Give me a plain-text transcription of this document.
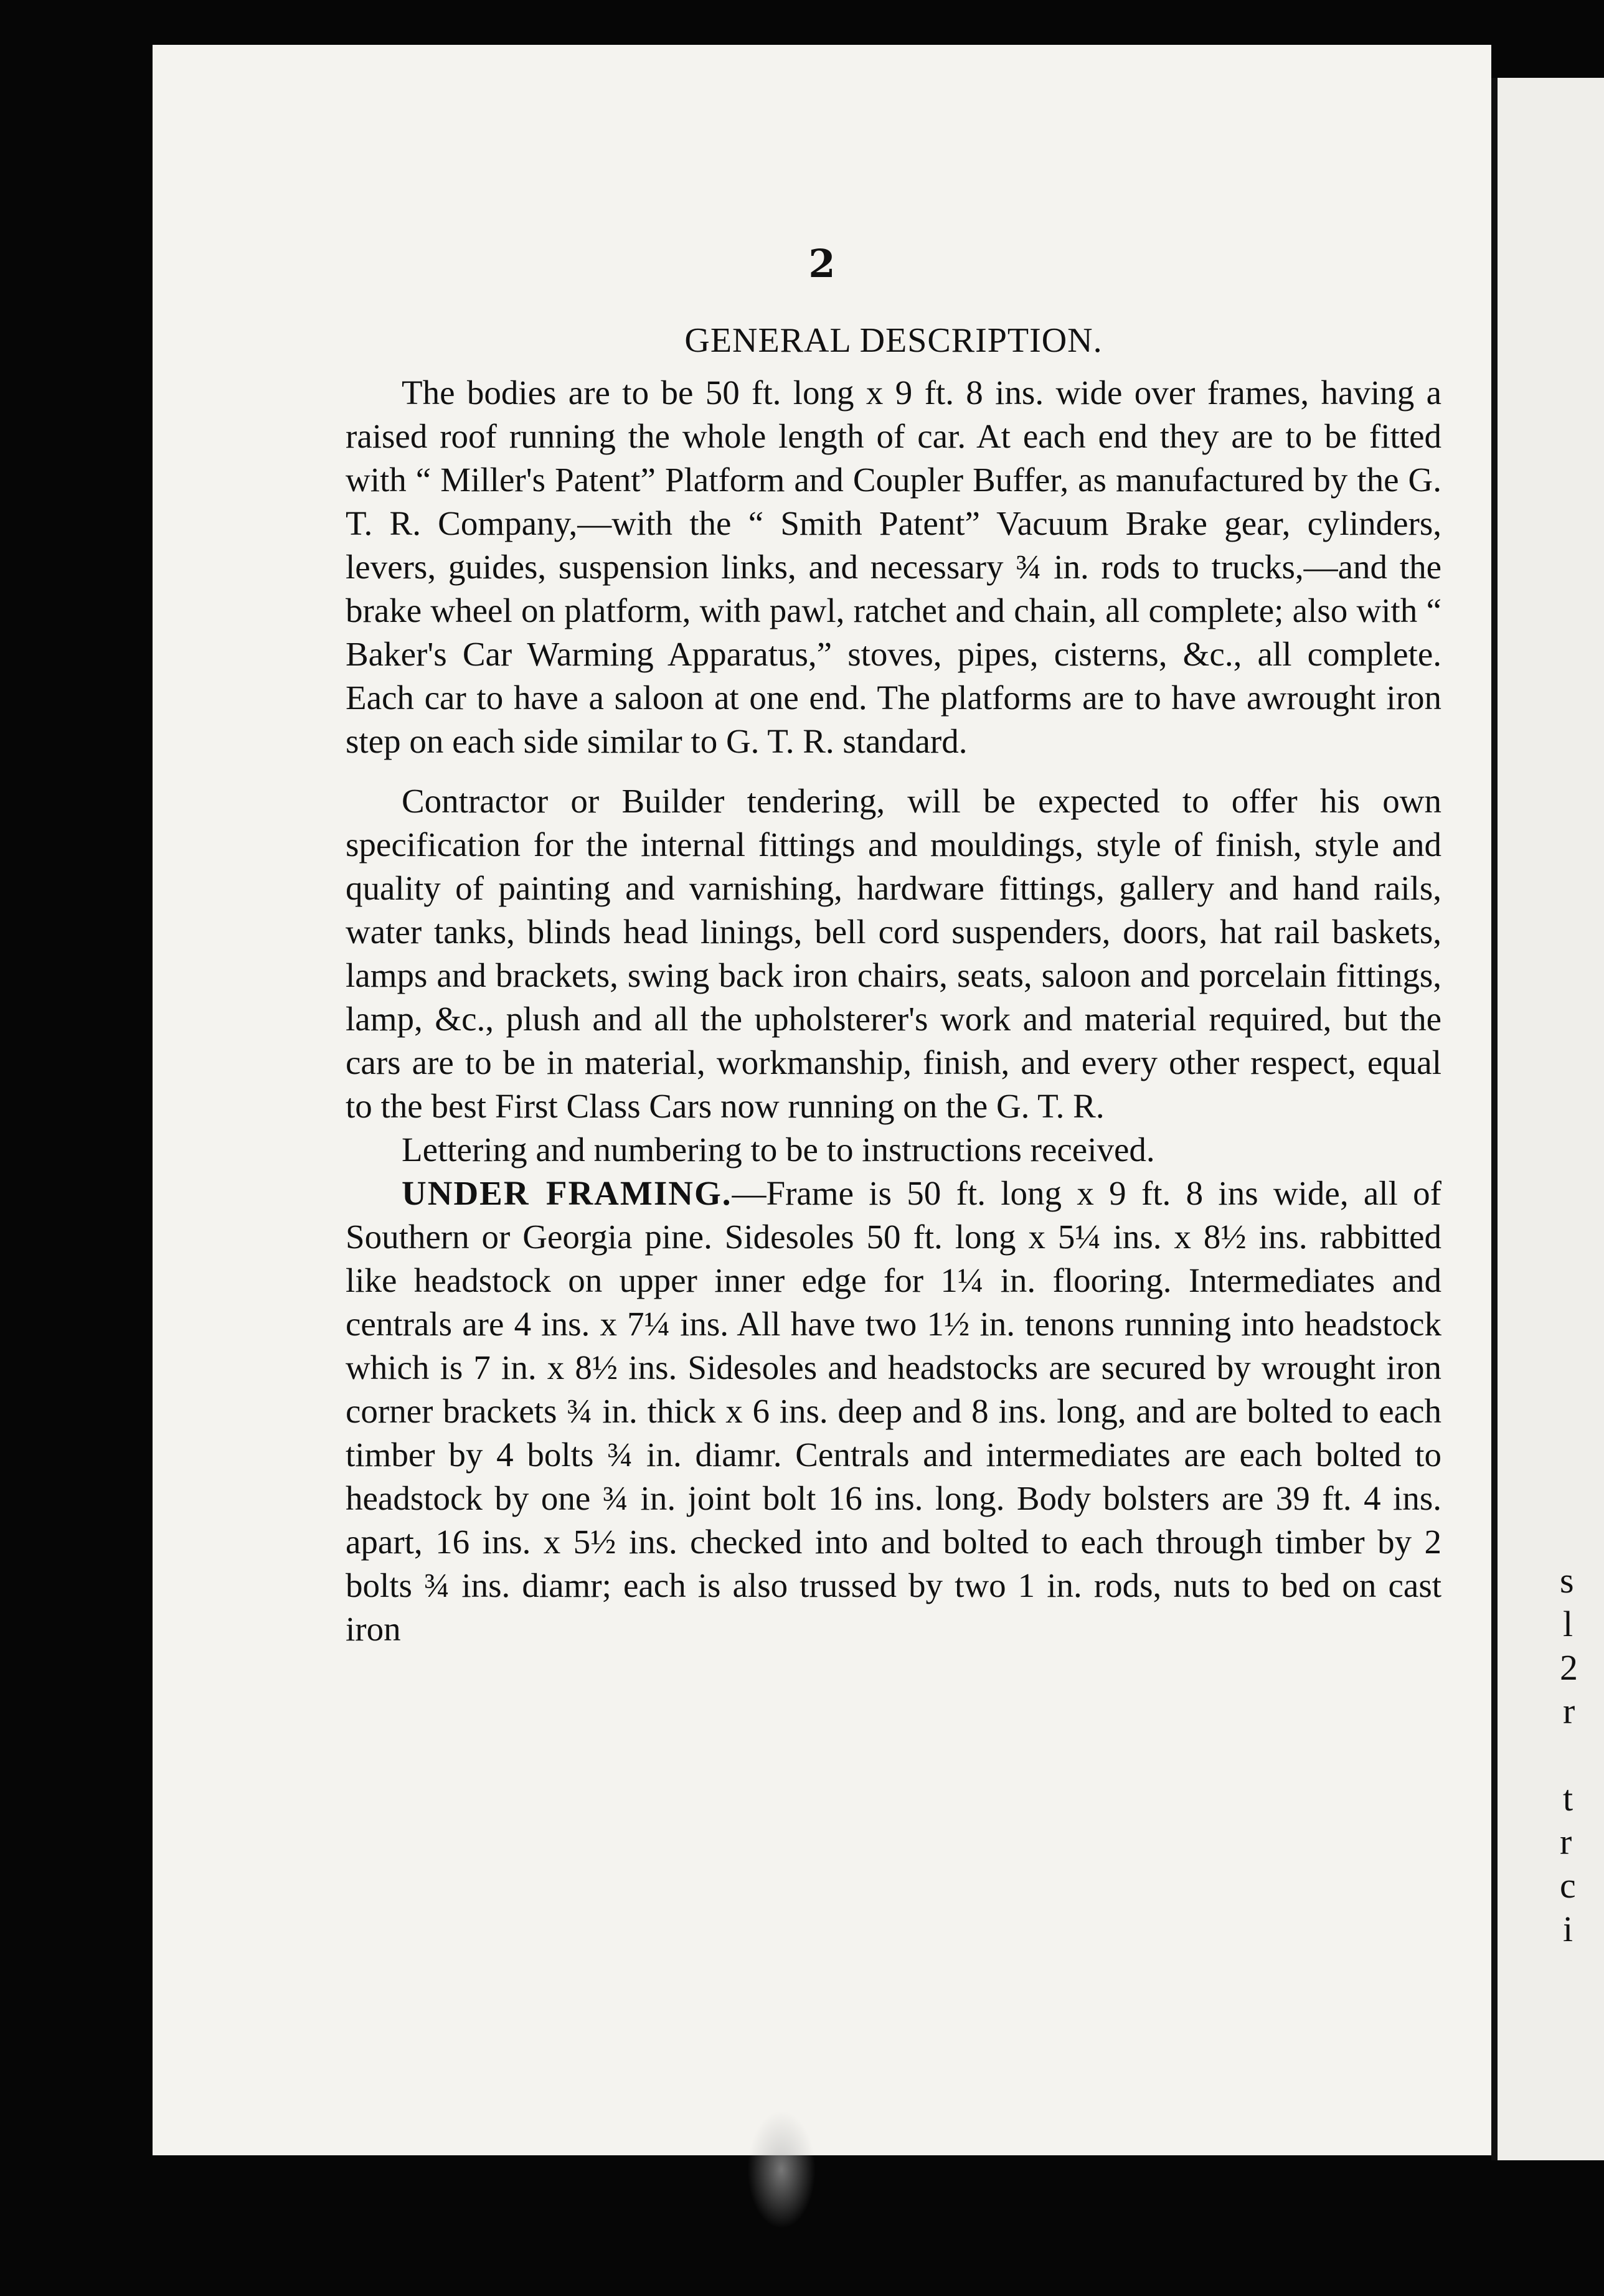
2

GENERAL DESCRIPTION.

The bodies are to be 50 ft. long x 9 ft. 8 ins. wide over frames, having a raised roof running the whole length of car. At each end they are to be fitted with “ Miller's Patent” Platform and Coupler Buffer, as manufactured by the G. T. R. Company,—with the “ Smith Patent” Vacuum Brake gear, cylinders, levers, guides, suspension links, and necessary ¾ in. rods to trucks,—and the brake wheel on platform, with pawl, ratchet and chain, all complete; also with “ Baker's Car Warming Apparatus,” stoves, pipes, cisterns, &c., all complete. Each car to have a saloon at one end. The platforms are to have awrought iron step on each side similar to G. T. R. standard.

Contractor or Builder tendering, will be expected to offer his own specification for the internal fittings and mouldings, style of finish, style and quality of painting and varnishing, hardware fittings, gallery and hand rails, water tanks, blinds head linings, bell cord suspenders, doors, hat rail baskets, lamps and brackets, swing back iron chairs, seats, saloon and porcelain fittings, lamp, &c., plush and all the upholsterer's work and material required, but the cars are to be in material, workmanship, finish, and every other respect, equal to the best First Class Cars now running on the G. T. R.

Lettering and numbering to be to instructions received.

UNDER FRAMING.—Frame is 50 ft. long x 9 ft. 8 ins wide, all of Southern or Georgia pine. Sidesoles 50 ft. long x 5¼ ins. x 8½ ins. rabbitted like headstock on upper inner edge for 1¼ in. flooring. Intermediates and centrals are 4 ins. x 7¼ ins. All have two 1½ in. tenons running into headstock which is 7 in. x 8½ ins. Sidesoles and headstocks are secured by wrought iron corner brackets ¾ in. thick x 6 ins. deep and 8 ins. long, and are bolted to each timber by 4 bolts ¾ in. diamr. Centrals and intermediates are each bolted to headstock by one ¾ in. joint bolt 16 ins. long. Body bolsters are 39 ft. 4 ins. apart, 16 ins. x 5½ ins. checked into and bolted to each through timber by 2 bolts ¾ ins. diamr; each is also trussed by two 1 in. rods, nuts to bed on cast iron

s
l
2
r
t
r
c
i
